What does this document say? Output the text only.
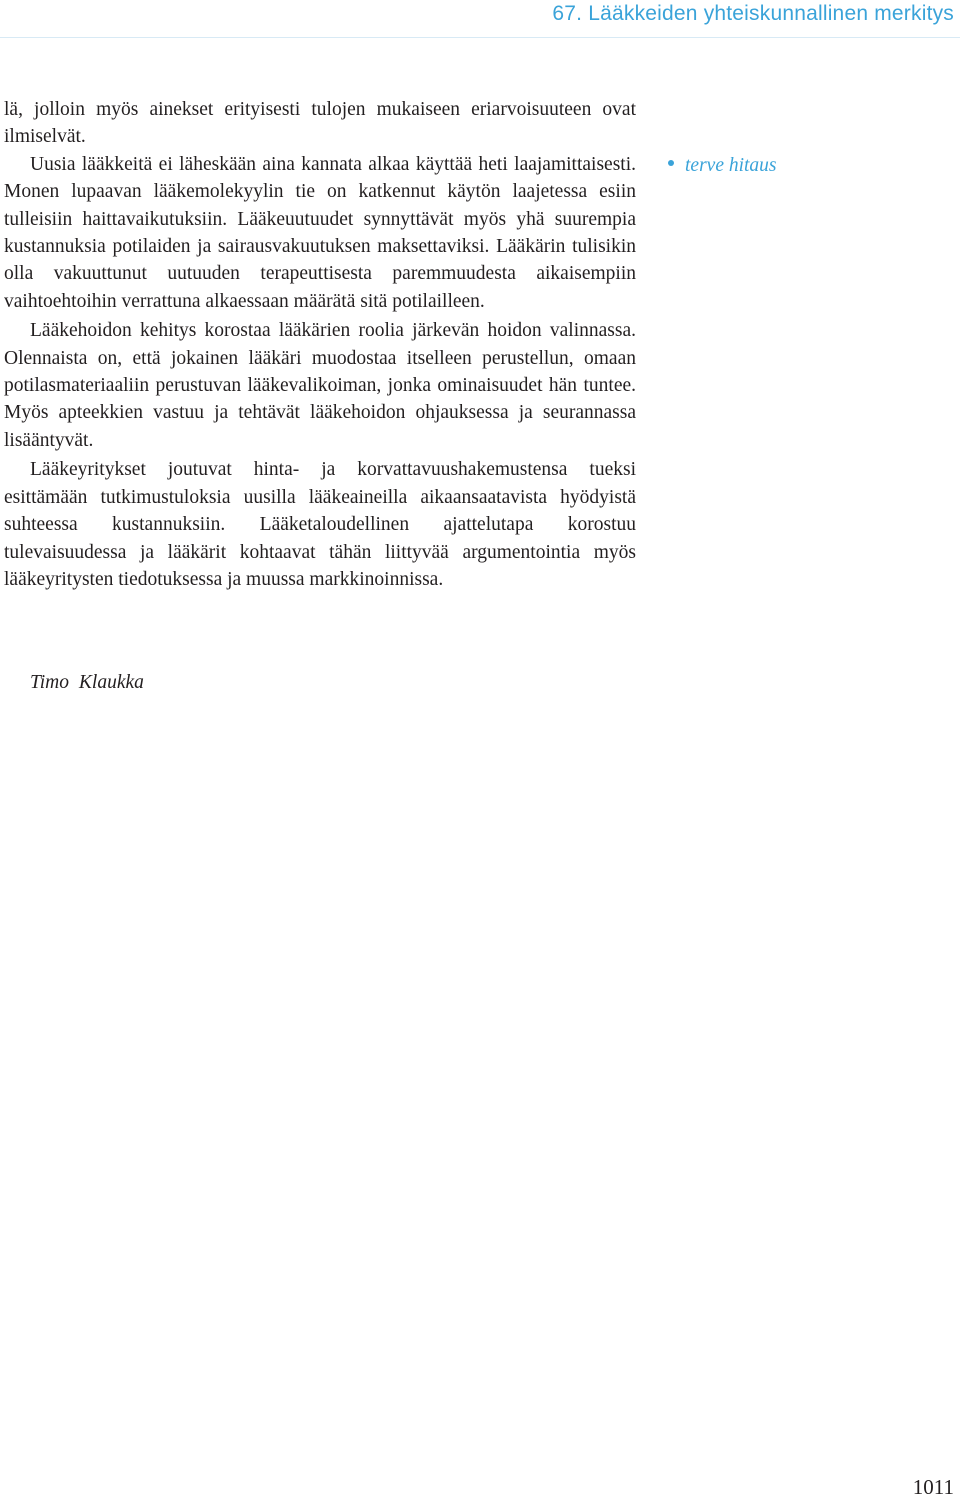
67. Lääkkeiden yhteiskunnallinen merkitys

lä, jolloin myös ainekset erityisesti tulojen mukaiseen eriarvoisuuteen ovat ilmiselvät.

Uusia lääkkeitä ei läheskään aina kannata alkaa käyttää heti laajamittaisesti. Monen lupaavan lääkemolekyylin tie on katkennut käytön laajetessa esiin tulleisiin haittavaikutuksiin. Lääkeuutuudet synnyttävät myös yhä suurempia kustannuksia potilaiden ja sairausvakuutuksen maksettaviksi. Lääkärin tulisikin olla vakuuttunut uutuuden terapeuttisesta paremmuudesta aikaisempiin vaihtoehtoihin verrattuna alkaessaan määrätä sitä potilailleen.

Lääkehoidon kehitys korostaa lääkärien roolia järkevän hoidon valinnassa. Olennaista on, että jokainen lääkäri muodostaa itselleen perustellun, omaan potilasmateriaaliin perustuvan lääkevalikoiman, jonka ominaisuudet hän tuntee. Myös apteekkien vastuu ja tehtävät lääkehoidon ohjauksessa ja seurannassa lisääntyvät.

Lääkeyritykset joutuvat hinta- ja korvattavuushakemustensa tueksi esittämään tutkimustuloksia uusilla lääkeaineilla aikaansaatavista hyödyistä suhteessa kustannuksiin. Lääketaloudellinen ajattelutapa korostuu tulevaisuudessa ja lääkärit kohtaavat tähän liittyvää argumentointia myös lääkeyritysten tiedotuksessa ja muussa markkinoinnissa.

terve hitaus
Timo Klaukka
1011
